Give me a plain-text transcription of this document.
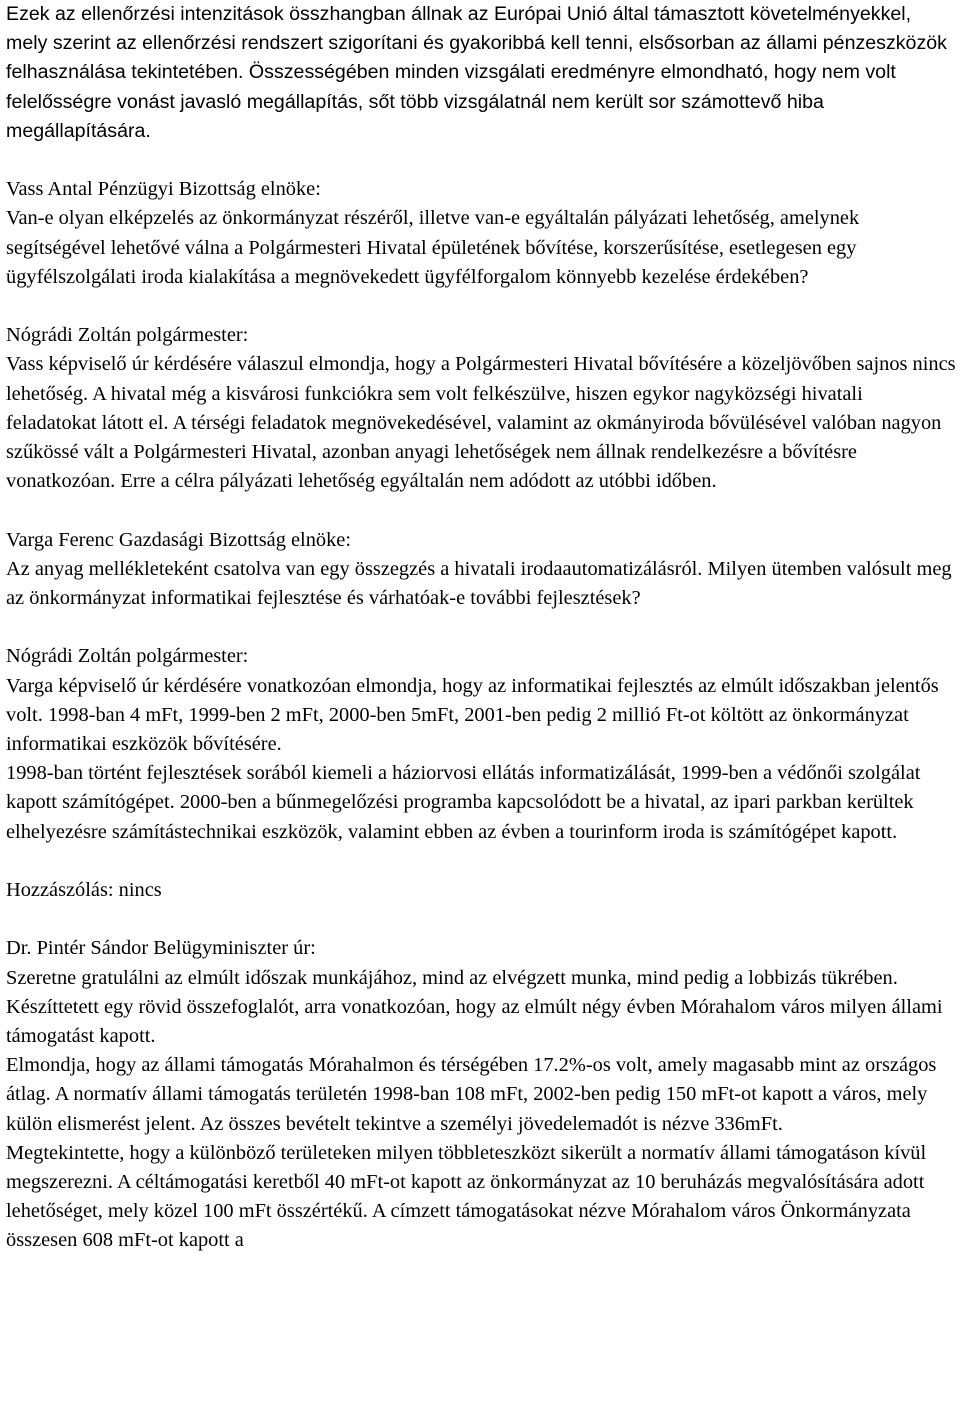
Ezek az ellenőrzési intenzitások összhangban állnak az Európai Unió által támasztott követelményekkel, mely szerint az ellenőrzési rendszert szigorítani és gyakoribbá kell tenni, elsősorban az állami pénzeszközök felhasználása tekintetében. Összességében minden vizsgálati eredményre elmondható, hogy nem volt felelősségre vonást javasló megállapítás, sőt több vizsgálatnál nem került sor számottevő hiba megállapítására.

Vass Antal Pénzügyi Bizottság elnöke:

Van-e olyan elképzelés az önkormányzat részéről, illetve van-e egyáltalán pályázati lehetőség, amelynek segítségével lehetővé válna a Polgármesteri Hivatal épületének bővítése, korszerűsítése, esetlegesen egy ügyfélszolgálati iroda kialakítása a megnövekedett ügyfélforgalom könnyebb kezelése érdekében?

Nógrádi Zoltán polgármester:

Vass képviselő úr kérdésére válaszul elmondja, hogy a Polgármesteri Hivatal bővítésére a közeljövőben sajnos nincs lehetőség. A hivatal még a kisvárosi funkciókra sem volt felkészülve, hiszen egykor nagyközségi hivatali feladatokat látott el. A térségi feladatok megnövekedésével, valamint az okmányiroda bővülésével valóban nagyon szűkössé vált a Polgármesteri Hivatal, azonban anyagi lehetőségek nem állnak rendelkezésre a bővítésre vonatkozóan. Erre a célra pályázati lehetőség egyáltalán nem adódott az utóbbi időben.

Varga Ferenc Gazdasági Bizottság elnöke:

Az anyag mellékleteként csatolva van egy összegzés a hivatali irodaautomatizálásról. Milyen ütemben valósult meg az önkormányzat informatikai fejlesztése és várhatóak-e további fejlesztések?

Nógrádi Zoltán polgármester:

Varga képviselő úr kérdésére vonatkozóan elmondja, hogy az informatikai fejlesztés az elmúlt időszakban jelentős volt. 1998-ban 4 mFt, 1999-ben 2 mFt, 2000-ben 5mFt, 2001-ben pedig 2 millió Ft-ot költött az önkormányzat informatikai eszközök bővítésére.

1998-ban történt fejlesztések sorából kiemeli a háziorvosi ellátás informatizálását, 1999-ben a védőnői szolgálat kapott számítógépet. 2000-ben a bűnmegelőzési programba kapcsolódott be a hivatal, az ipari parkban kerültek elhelyezésre számítástechnikai eszközök, valamint ebben az évben a tourinform iroda is számítógépet kapott.

Hozzászólás: nincs

Dr. Pintér Sándor Belügyminiszter úr:

Szeretne gratulálni az elmúlt időszak munkájához, mind az elvégzett munka, mind pedig a lobbizás tükrében.

Készíttetett egy rövid összefoglalót, arra vonatkozóan, hogy az elmúlt négy évben Mórahalom város milyen állami támogatást kapott.

Elmondja, hogy az állami támogatás Mórahalmon és térségében 17.2%-os volt, amely magasabb mint az országos átlag. A normatív állami támogatás területén 1998-ban 108 mFt, 2002-ben pedig 150 mFt-ot kapott a város, mely külön elismerést jelent. Az összes bevételt tekintve a személyi jövedelemadót is nézve 336mFt.

Megtekintette, hogy a különböző területeken milyen többleteszközt sikerült a normatív állami támogatáson kívül megszerezni. A céltámogatási keretből 40 mFt-ot kapott az önkormányzat az 10 beruházás megvalósítására adott lehetőséget, mely közel 100 mFt összértékű. A címzett támogatásokat nézve Mórahalom város Önkormányzata összesen 608 mFt-ot kapott a
